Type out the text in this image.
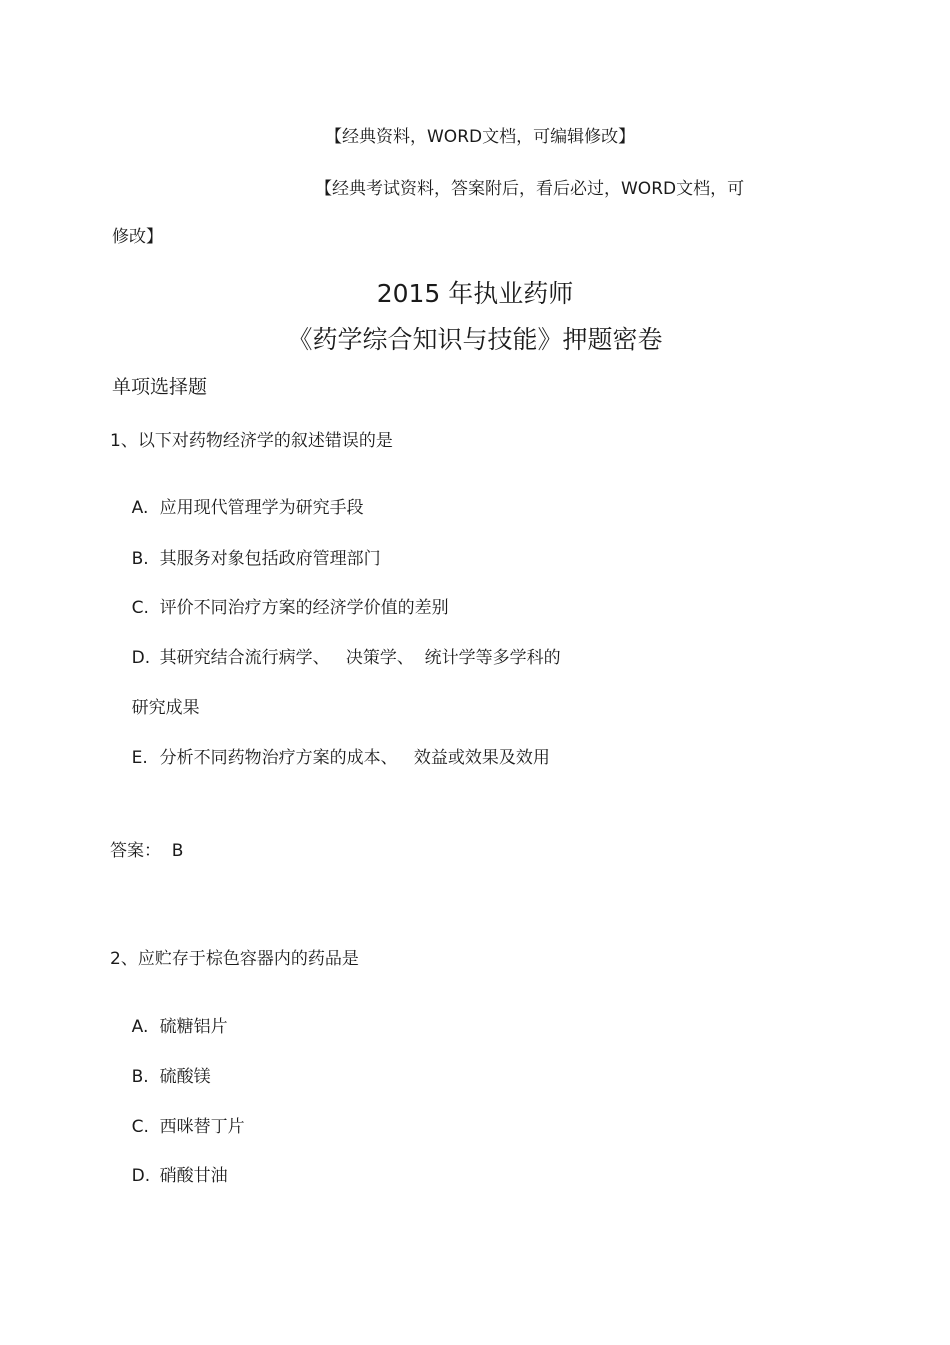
【经典资料，WORD文档，可编辑修改】
【经典考试资料，答案附后，看后必过，WORD文档，可
修改】
2015 年执业药师
《药学综合知识与技能》押题密卷
单项选择题
1、以下对药物经济学的叙述错误的是

A. 应用现代管理学为研究手段

B. 其服务对象包括政府管理部门

C. 评价不同治疗方案的经济学价值的差别

D. 其研究结合流行病学、   决策学、  统计学等多学科的

研究成果

E. 分析不同药物治疗方案的成本、   效益或效果及效用

答案：  B
2、应贮存于棕色容器内的药品是

A. 硫糖铝片

B. 硫酸镁

C. 西咪替丁片

D. 硝酸甘油
